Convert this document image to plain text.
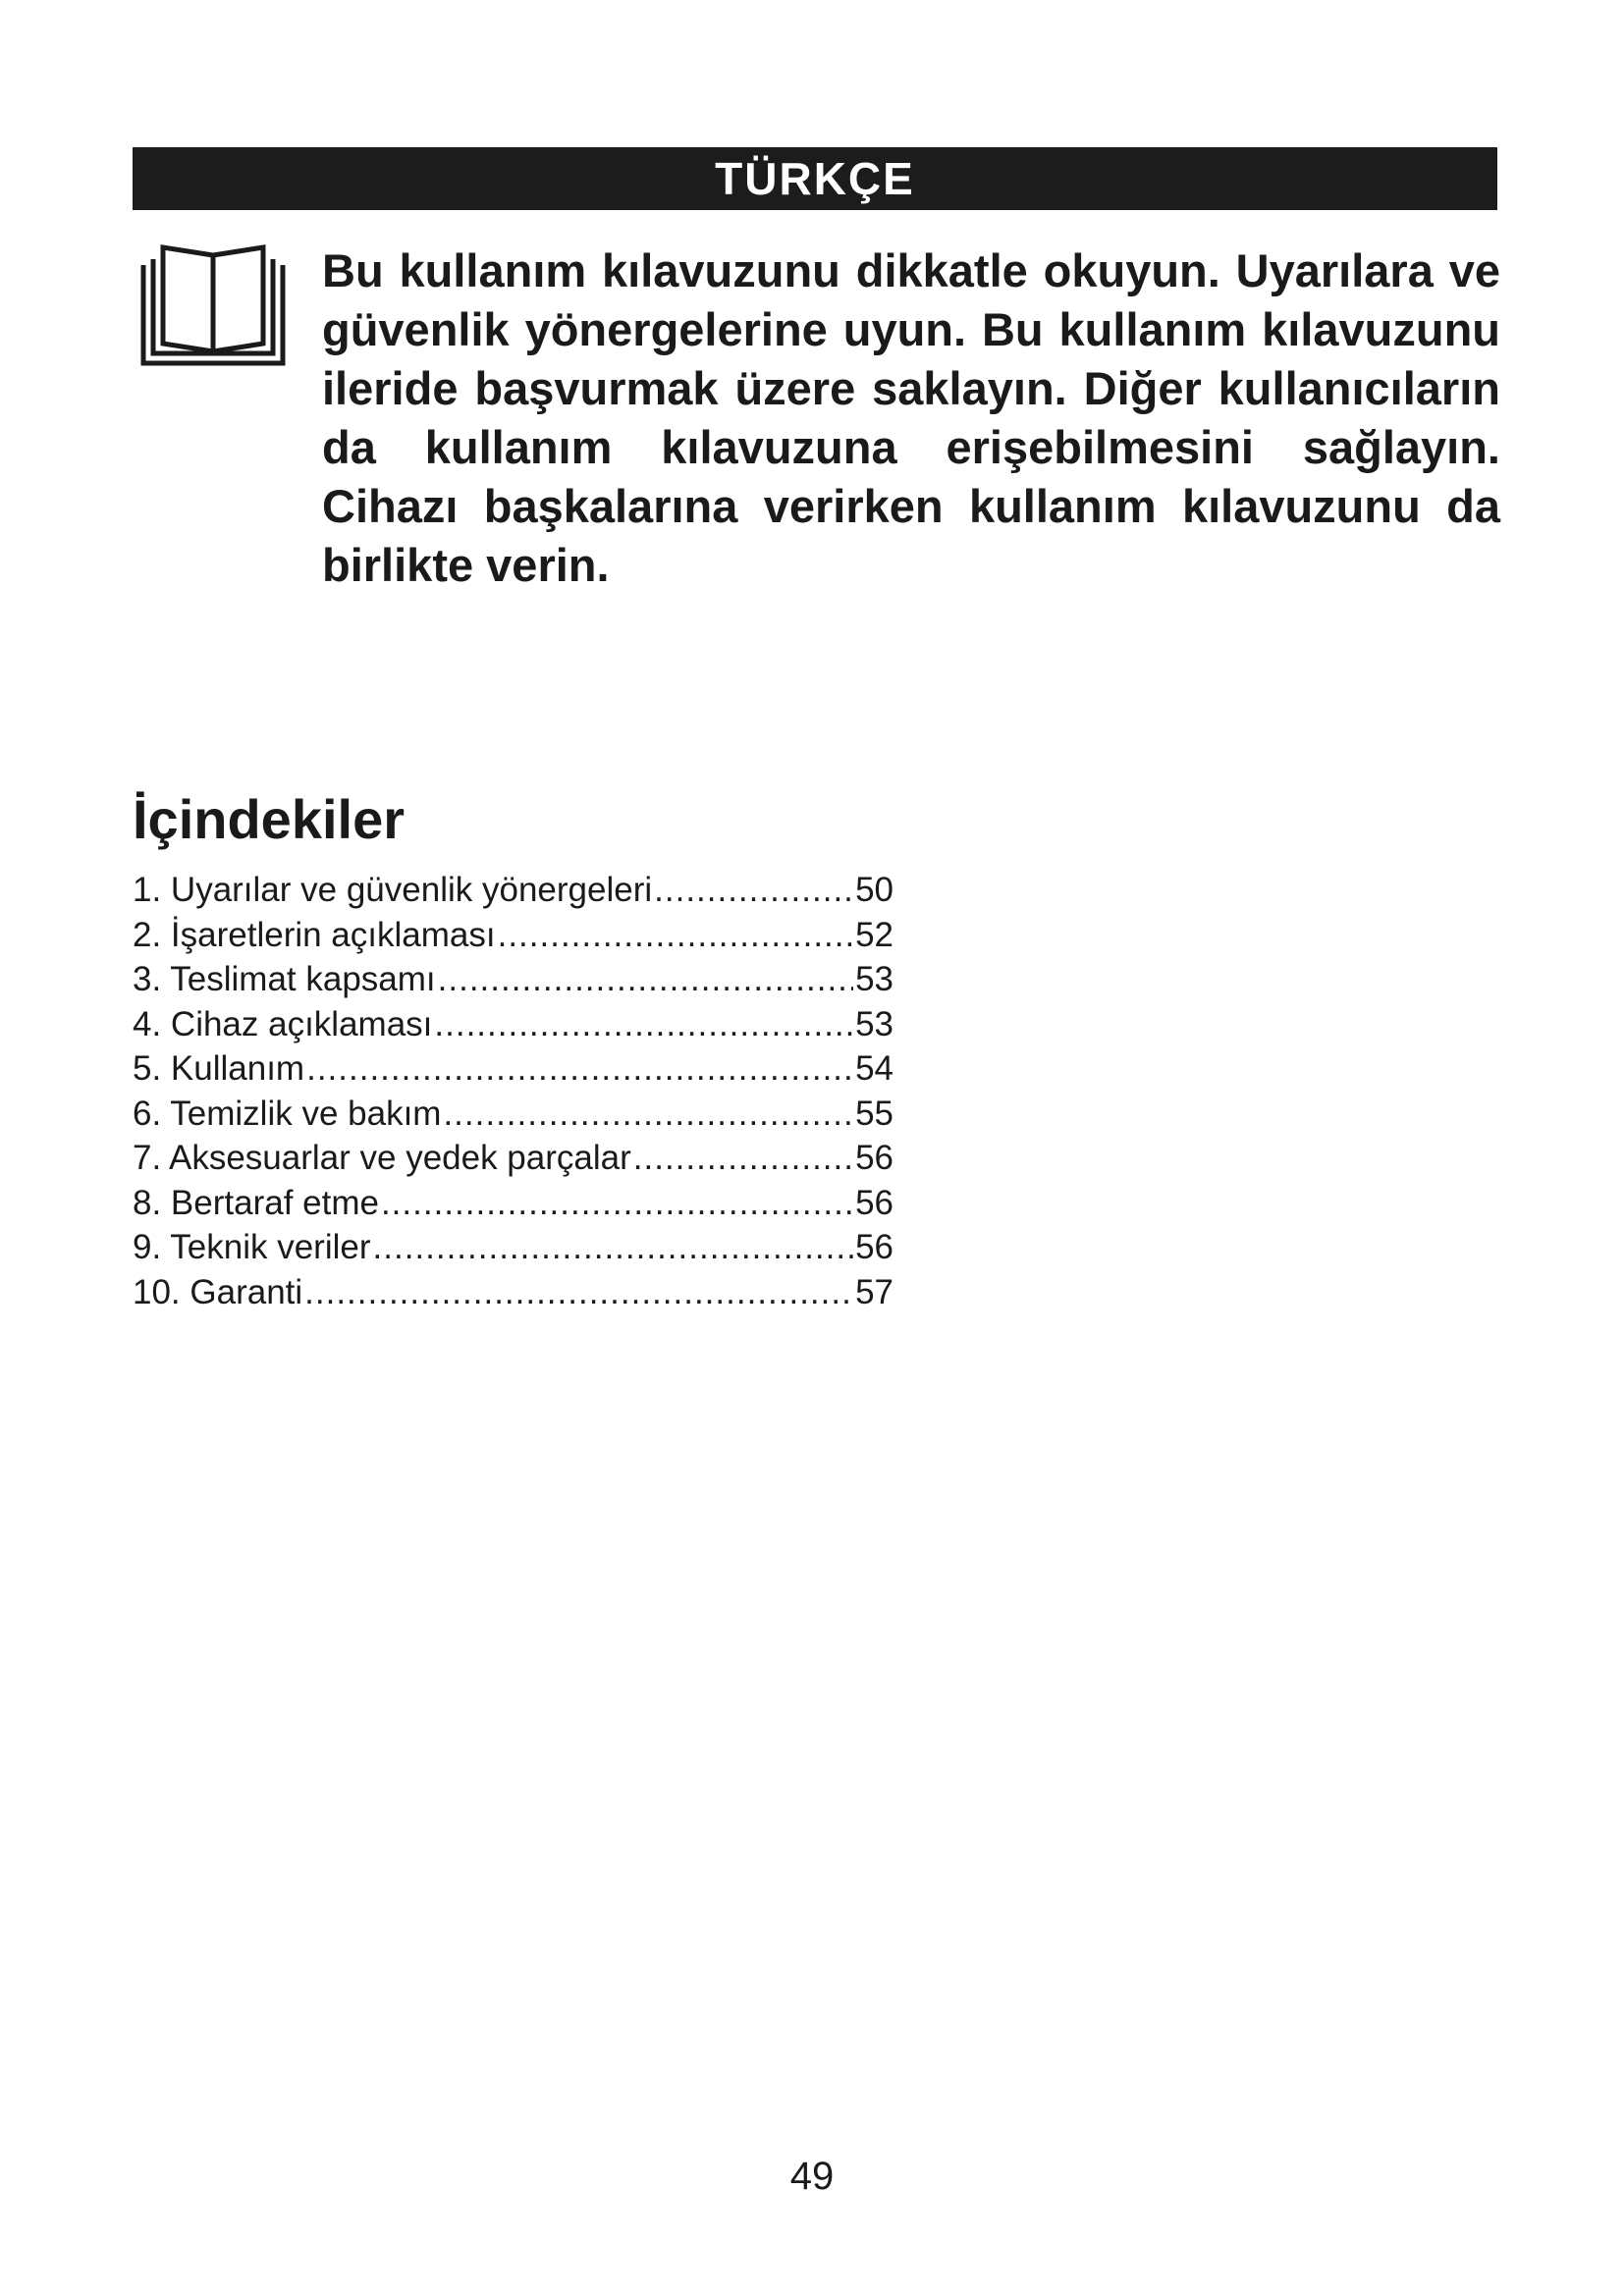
TÜRKÇE

Bu kullanım kılavuzunu dikkatle okuyun. Uyarılara ve güvenlik yönergelerine uyun. Bu kullanım kılavuzunu ileride başvurmak üzere saklayın. Diğer kullanıcıların da kullanım kılavuzuna erişebilmesini sağlayın. Cihazı başkalarına verirken kullanım kılavuzunu da birlikte verin.

İçindekiler
1. Uyarılar ve güvenlik yönergeleri .....	50
2. İşaretlerin açıklaması .....	52
3. Teslimat kapsamı .....	53
4. Cihaz açıklaması .....	53
5. Kullanım .....	54
6. Temizlik ve bakım .....	55
7. Aksesuarlar ve yedek parçalar .....	56
8. Bertaraf etme .....	56
9. Teknik veriler .....	56
10. Garanti .....	57
49
